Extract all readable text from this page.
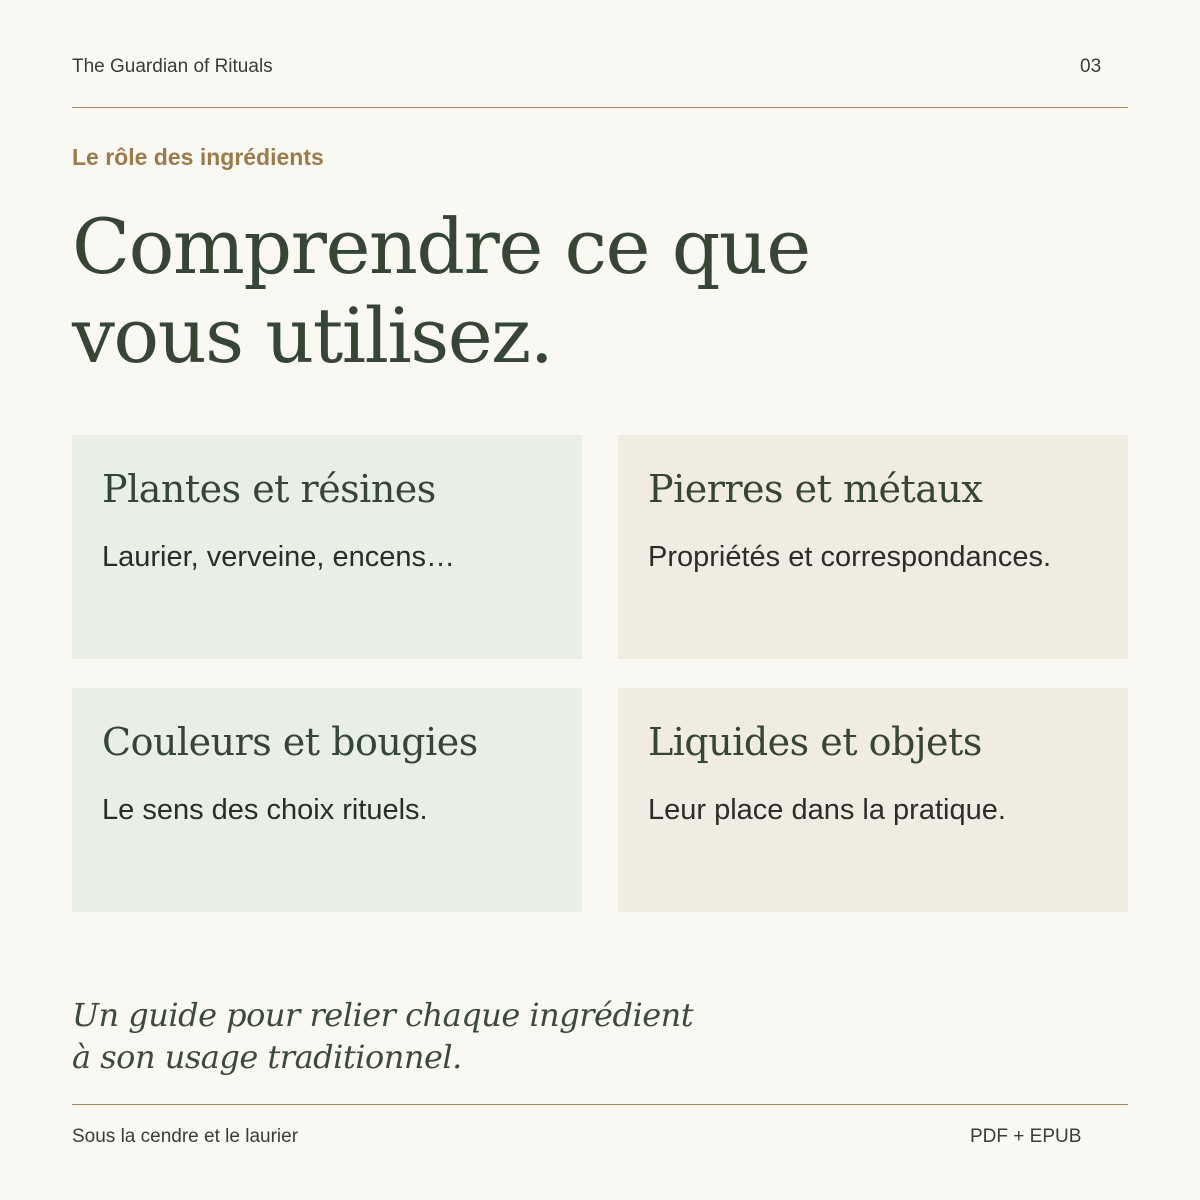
The Guardian of Rituals	03
Le rôle des ingrédients
Comprendre ce que
vous utilisez.
Plantes et résines
Laurier, verveine, encens…
Pierres et métaux
Propriétés et correspondances.
Couleurs et bougies
Le sens des choix rituels.
Liquides et objets
Leur place dans la pratique.

Un guide pour relier chaque ingrédient
à son usage traditionnel.

Sous la cendre et le laurier	PDF + EPUB
